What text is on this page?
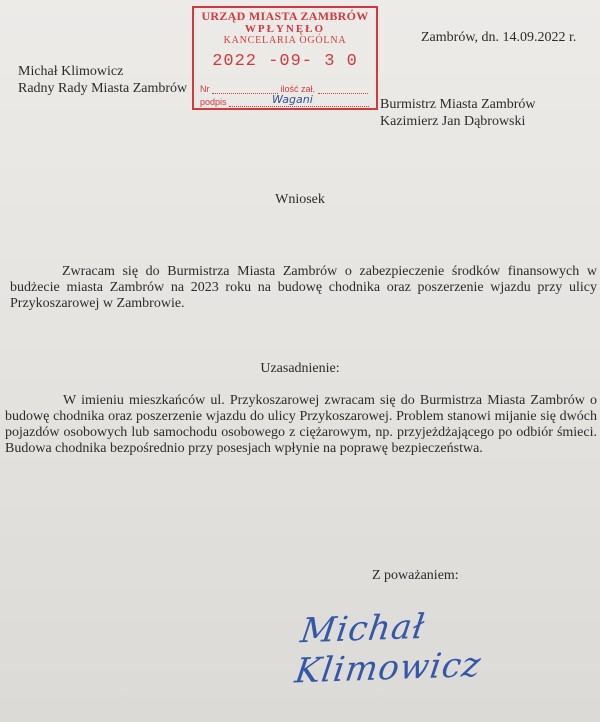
URZĄD MIASTA ZAMBRÓW
WPŁYNĘŁO
KANCELARIA OGÓLNA
2022 -09- 3 0
Nr	ilość zał.
podpis	Wagani
Zambrów, dn. 14.09.2022 r.
Michał Klimowicz
Radny Rady Miasta Zambrów
Burmistrz Miasta Zambrów
Kazimierz Jan Dąbrowski
Wniosek
Zwracam się do Burmistrza Miasta Zambrów o zabezpieczenie środków finansowych w budżecie miasta Zambrów na 2023 roku na budowę chodnika oraz poszerzenie wjazdu przy ulicy Przykoszarowej w Zambrowie.
Uzasadnienie:
W imieniu mieszkańców ul. Przykoszarowej zwracam się do Burmistrza Miasta Zambrów o budowę chodnika oraz poszerzenie wjazdu do ulicy Przykoszarowej. Problem stanowi mijanie się dwóch pojazdów osobowych lub samochodu osobowego z ciężarowym, np. przyjeżdżającego po odbiór śmieci. Budowa chodnika bezpośrednio przy posesjach wpłynie na poprawę bezpieczeństwa.
Z poważaniem:
Michał Klimowicz
